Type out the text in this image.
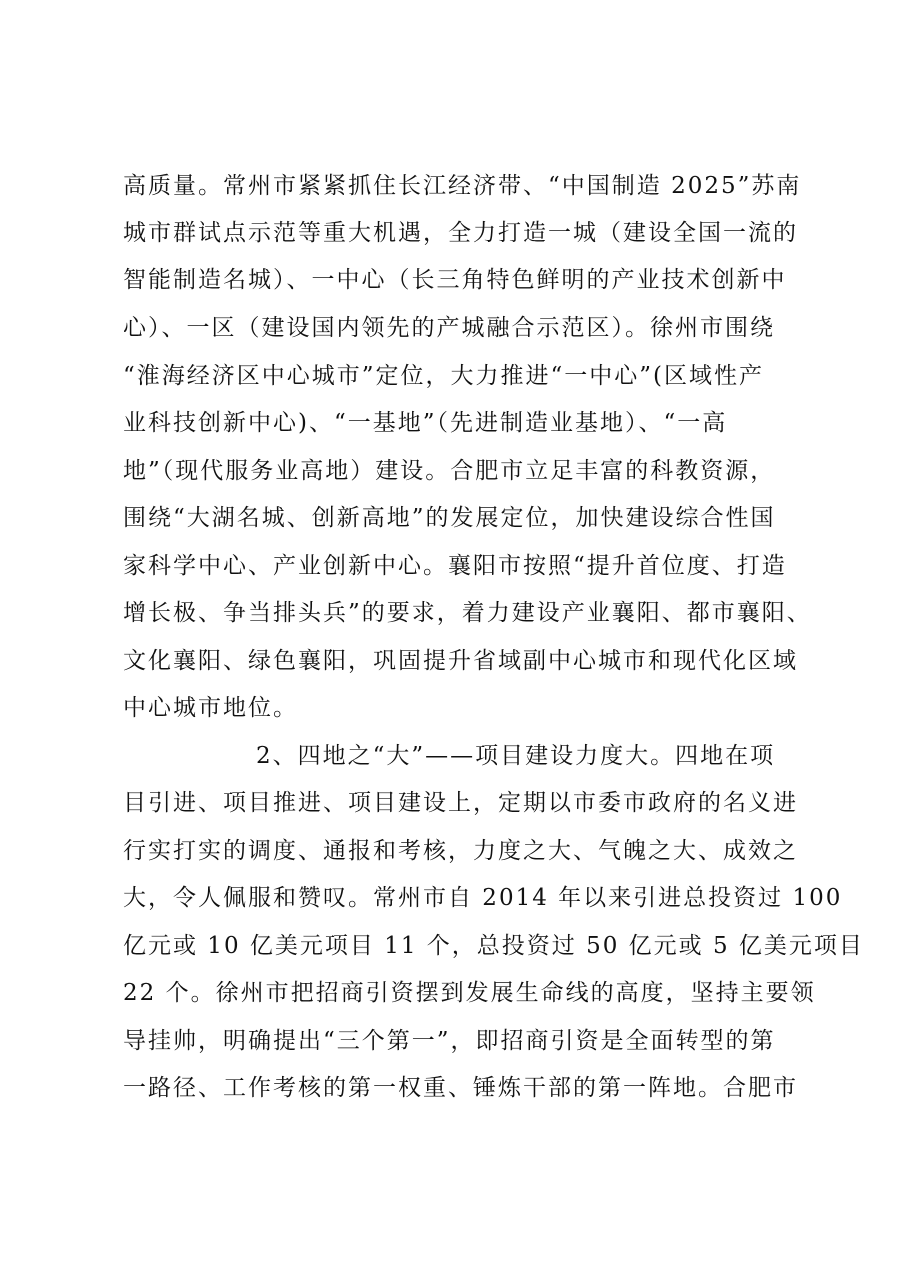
高质量。常州市紧紧抓住长江经济带、“中国制造 2025”苏南
城市群试点示范等重大机遇，全力打造一城（建设全国一流的
智能制造名城）、一中心（长三角特色鲜明的产业技术创新中
心）、一区（建设国内领先的产城融合示范区）。徐州市围绕
“淮海经济区中心城市”定位，大力推进“一中心”(区域性产
业科技创新中心)、“一基地”（先进制造业基地）、“一高
地”（现代服务业高地）建设。合肥市立足丰富的科教资源，
围绕“大湖名城、创新高地”的发展定位，加快建设综合性国
家科学中心、产业创新中心。襄阳市按照“提升首位度、打造
增长极、争当排头兵”的要求，着力建设产业襄阳、都市襄阳、
文化襄阳、绿色襄阳，巩固提升省域副中心城市和现代化区域
中心城市地位。
2、四地之“大”——项目建设力度大。四地在项
目引进、项目推进、项目建设上，定期以市委市政府的名义进
行实打实的调度、通报和考核，力度之大、气魄之大、成效之
大，令人佩服和赞叹。常州市自 2014 年以来引进总投资过 100
亿元或 10 亿美元项目 11 个，总投资过 50 亿元或 5 亿美元项目
22 个。徐州市把招商引资摆到发展生命线的高度，坚持主要领
导挂帅，明确提出“三个第一”，即招商引资是全面转型的第
一路径、工作考核的第一权重、锤炼干部的第一阵地。合肥市
